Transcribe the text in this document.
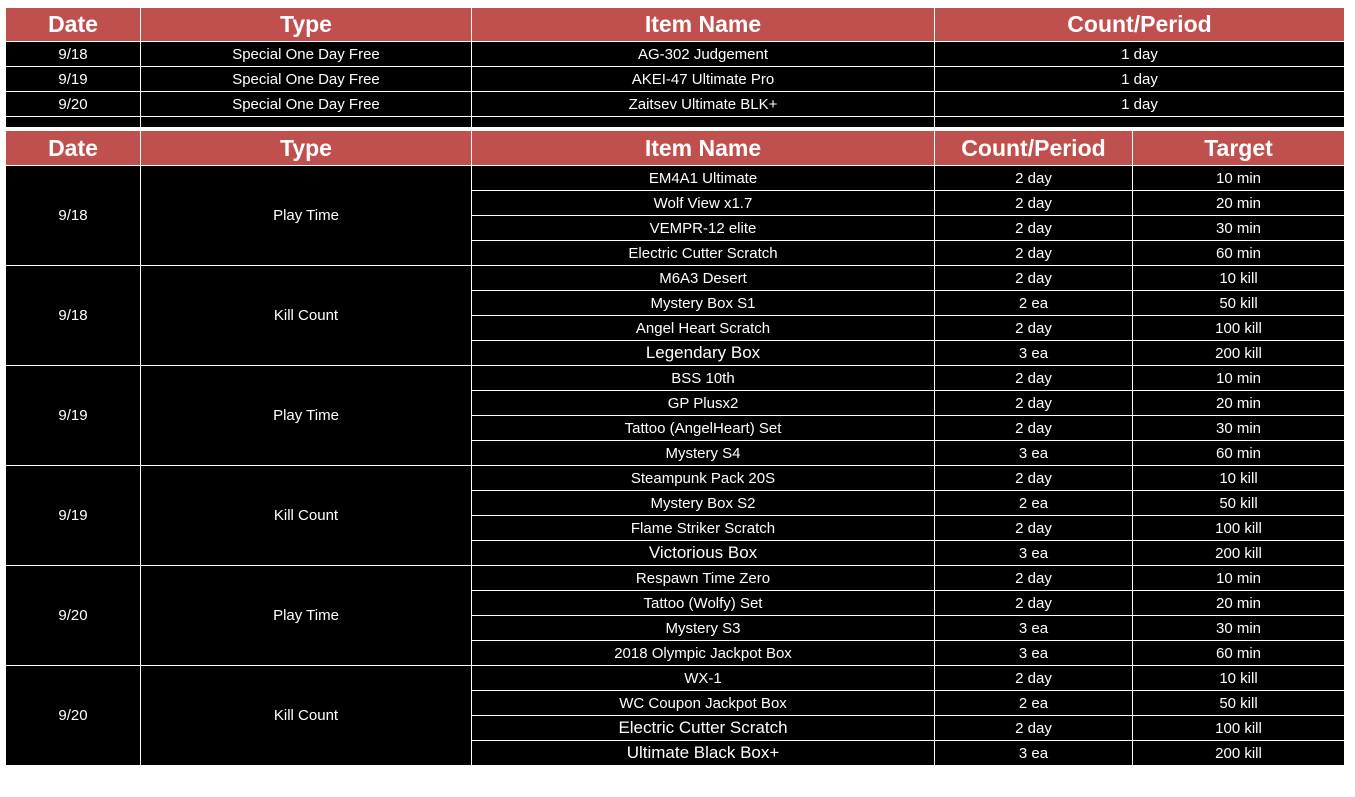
Date	Type	Item Name	Count/Period
9/18	Special One Day Free	AG-302 Judgement	1 day
9/19	Special One Day Free	AKEI-47 Ultimate Pro	1 day
9/20	Special One Day Free	Zaitsev Ultimate BLK+	1 day

Date	Type	Item Name	Count/Period	Target
9/18	Play Time	EM4A1 Ultimate	2 day	10 min
		Wolf View x1.7	2 day	20 min
		VEMPR-12 elite	2 day	30 min
		Electric Cutter Scratch	2 day	60 min
9/18	Kill Count	M6A3 Desert	2 day	10 kill
		Mystery Box S1	2 ea	50 kill
		Angel Heart Scratch	2 day	100 kill
		Legendary Box	3 ea	200 kill
9/19	Play Time	BSS 10th	2 day	10 min
		GP Plusx2	2 day	20 min
		Tattoo (AngelHeart) Set	2 day	30 min
		Mystery S4	3 ea	60 min
9/19	Kill Count	Steampunk Pack 20S	2 day	10 kill
		Mystery Box S2	2 ea	50 kill
		Flame Striker Scratch	2 day	100 kill
		Victorious Box	3 ea	200 kill
9/20	Play Time	Respawn Time Zero	2 day	10 min
		Tattoo (Wolfy) Set	2 day	20 min
		Mystery S3	3 ea	30 min
		2018 Olympic Jackpot Box	3 ea	60 min
9/20	Kill Count	WX-1	2 day	10 kill
		WC Coupon Jackpot Box	2 ea	50 kill
		Electric Cutter Scratch	2 day	100 kill
		Ultimate Black Box+	3 ea	200 kill
